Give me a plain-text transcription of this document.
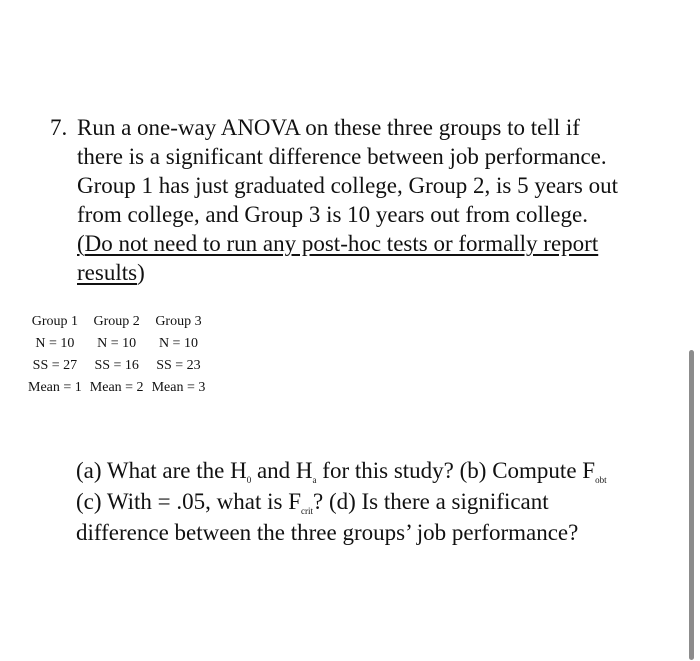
7. Run a one-way ANOVA on these three groups to tell if
there is a significant difference between job performance.
Group 1 has just graduated college, Group 2, is 5 years out
from college, and Group 3 is 10 years out from college.
(Do not need to run any post-hoc tests or formally report
results)
Group 1	Group 2	Group 3
N = 10	N = 10	N = 10
SS = 27	SS = 16	SS = 23
Mean = 1	Mean = 2	Mean = 3
(a) What are the $H_0$ and $H_a$ for this study? (b) Compute $F_{obt}$
(c) With = .05, what is $F_{crit}$? (d) Is there a significant
difference between the three groups’ job performance?
